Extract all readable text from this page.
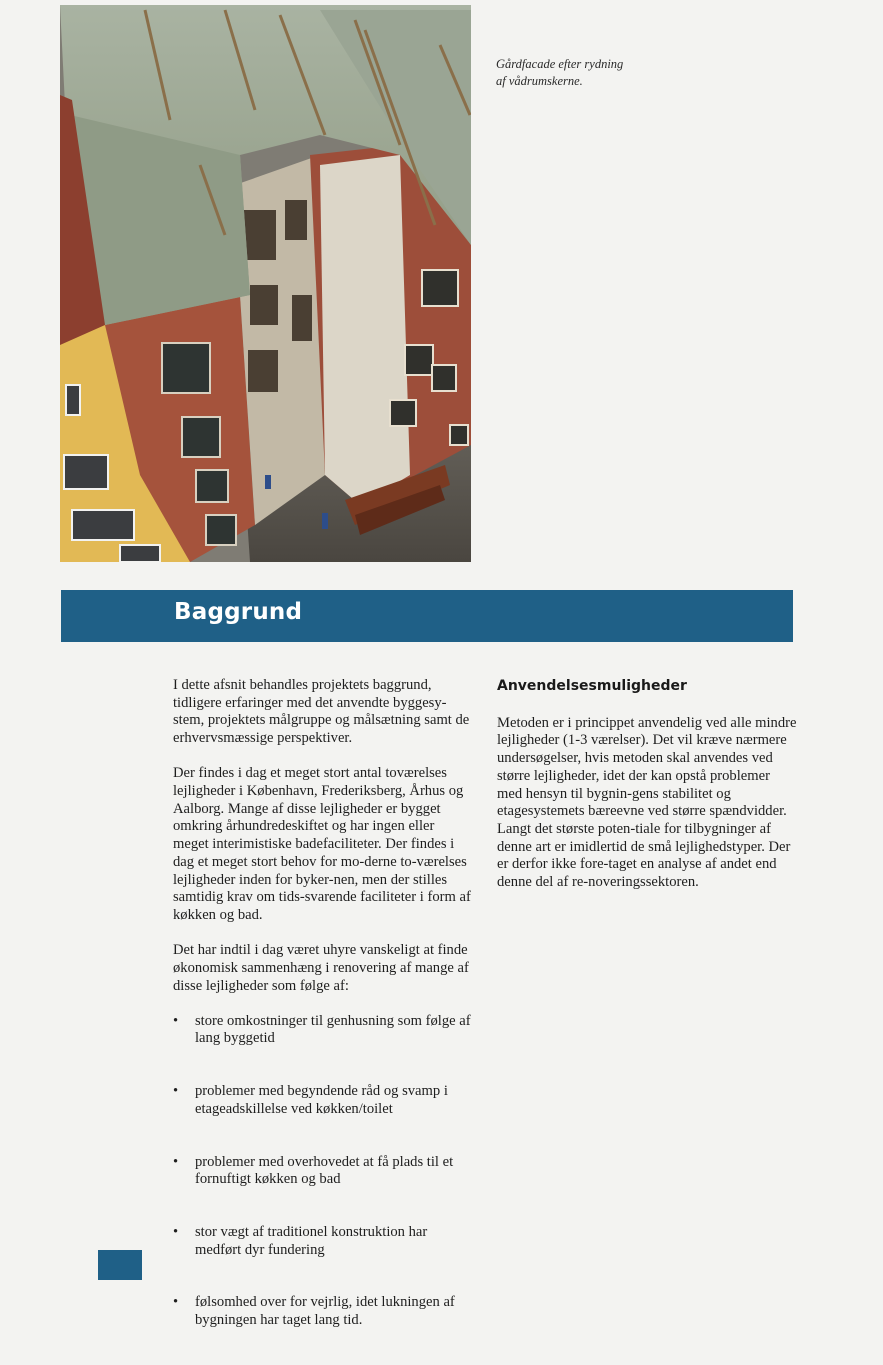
Gårdfacade efter rydning
af vådrumskerne.
Baggrund

I dette afsnit behandles projektets baggrund, tidligere erfaringer med det anvendte byggesy-stem, projektets målgruppe og målsætning samt de erhvervsmæssige perspektiver.

Der findes i dag et meget stort antal toværelses lejligheder i København, Frederiksberg, Århus og Aalborg. Mange af disse lejligheder er bygget omkring århundredeskiftet og har ingen eller meget interimistiske badefaciliteter. Der findes i dag et meget stort behov for mo-derne to-værelses lejligheder inden for byker-nen, men der stilles samtidig krav om tids-svarende faciliteter i form af køkken og bad.

Det har indtil i dag været uhyre vanskeligt at finde økonomisk sammenhæng i renovering af mange af disse lejligheder som følge af:

• store omkostninger til genhusning som følge af lang byggetid
• problemer med begyndende råd og svamp i etageadskillelse ved køkken/toilet
• problemer med overhovedet at få plads til et fornuftigt køkken og bad
• stor vægt af traditionel konstruktion har medført dyr fundering
• følsomhed over for vejrlig, idet lukningen af bygningen har taget lang tid.
Anvendelsesmuligheder

Metoden er i princippet anvendelig ved alle mindre lejligheder (1-3 værelser). Det vil kræve nærmere undersøgelser, hvis metoden skal anvendes ved større lejligheder, idet der kan opstå problemer med hensyn til bygnin-gens stabilitet og etagesystemets bæreevne ved større spændvidder. Langt det største poten-tiale for tilbygninger af denne art er imidlertid de små lejlighedstyper. Der er derfor ikke fore-taget en analyse af andet end denne del af re-noveringssektoren.
